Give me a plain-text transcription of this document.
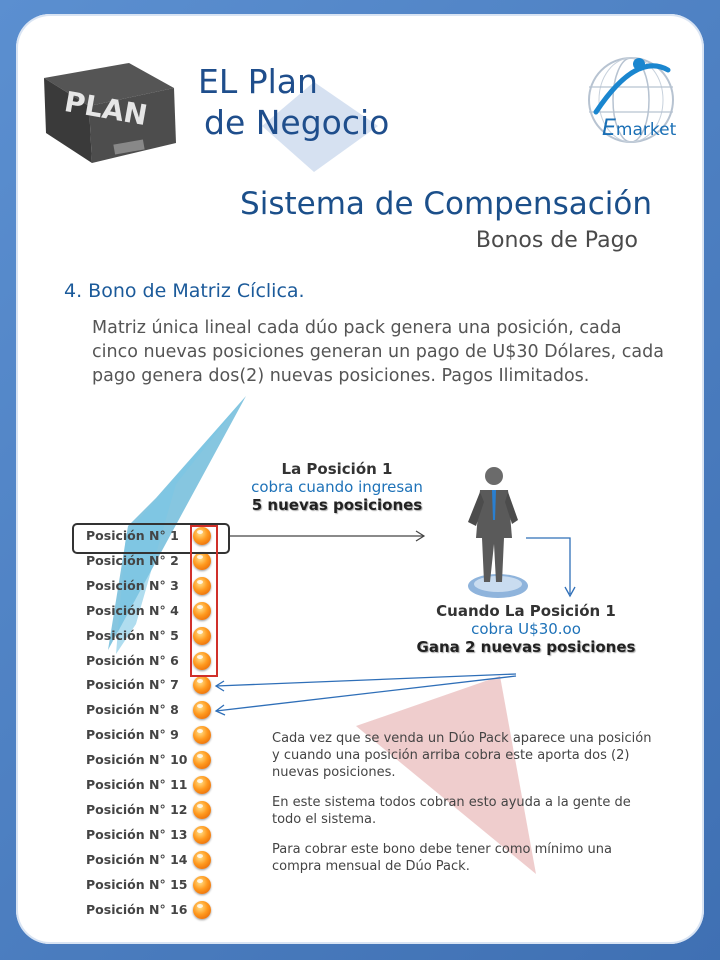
PLAN
EL Plan
de Negocio	Emarket
Sistema de Compensación
Bonos de Pago
4. Bono de Matriz Cíclica.
Matriz única lineal cada dúo pack genera una posición, cada cinco nuevas posiciones generan un pago de U$30 Dólares, cada pago genera dos(2) nuevas posiciones. Pagos Ilimitados.
Posición N° 1
Posición N° 2
Posición N° 3
Posición N° 4
Posición N° 5
Posición N° 6
Posición N° 7
Posición N° 8
Posición N° 9
Posición N° 10
Posición N° 11
Posición N° 12
Posición N° 13
Posición N° 14
Posición N° 15
Posición N° 16
La Posición 1
cobra cuando ingresan
5 nuevas posiciones
Cuando La Posición 1
cobra U$30.oo
Gana 2 nuevas posiciones

Cada vez que se venda un Dúo Pack aparece una posición y cuando una posición arriba cobra este aporta dos (2) nuevas posiciones.

En este sistema todos cobran esto ayuda a la gente de todo el sistema.

Para cobrar este bono debe tener como mínimo una compra mensual de Dúo Pack.
